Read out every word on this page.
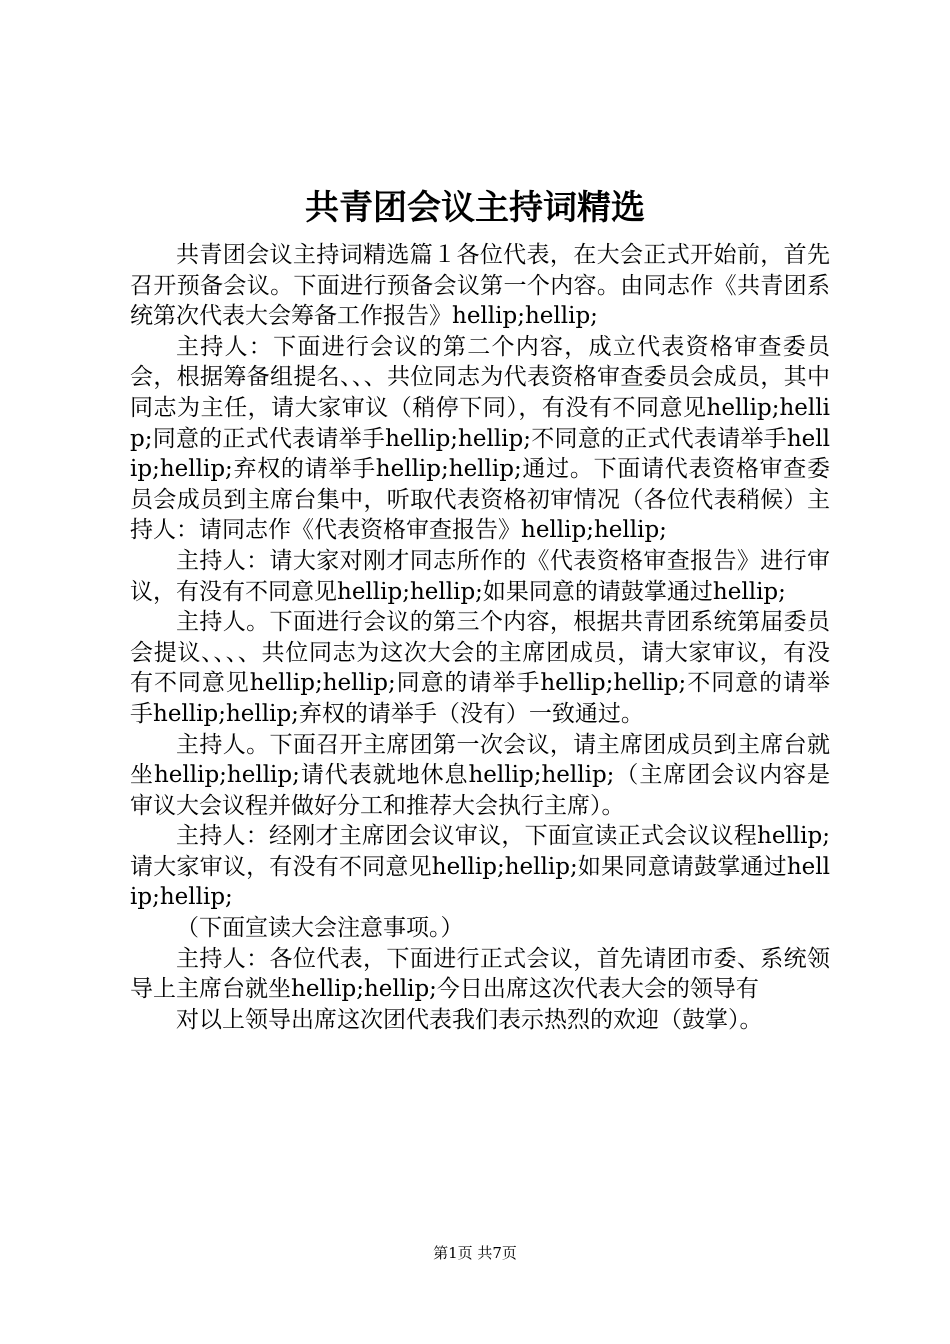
共青团会议主持词精选

共青团会议主持词精选篇１各位代表，在大会正式开始前，首先召开预备会议。下面进行预备会议第一个内容。由同志作《共青团系统第次代表大会筹备工作报告》hellip;hellip;

主持人：下面进行会议的第二个内容，成立代表资格审查委员会，根据筹备组提名、、、共位同志为代表资格审查委员会成员，其中同志为主任，请大家审议（稍停下同），有没有不同意见hellip;hellip;同意的正式代表请举手hellip;hellip;不同意的正式代表请举手hellip;hellip;弃权的请举手hellip;hellip;通过。下面请代表资格审查委员会成员到主席台集中，听取代表资格初审情况（各位代表稍候）主持人：请同志作《代表资格审查报告》hellip;hellip;

主持人：请大家对刚才同志所作的《代表资格审查报告》进行审议，有没有不同意见hellip;hellip;如果同意的请鼓掌通过hellip;

主持人。下面进行会议的第三个内容，根据共青团系统第届委员会提议、、、、共位同志为这次大会的主席团成员，请大家审议，有没有不同意见hellip;hellip;同意的请举手hellip;hellip;不同意的请举手hellip;hellip;弃权的请举手（没有）一致通过。

主持人。下面召开主席团第一次会议，请主席团成员到主席台就坐hellip;hellip;请代表就地休息hellip;hellip;（主席团会议内容是审议大会议程并做好分工和推荐大会执行主席）。

主持人：经刚才主席团会议审议，下面宣读正式会议议程hellip;请大家审议，有没有不同意见hellip;hellip;如果同意请鼓掌通过hellip;hellip;

（下面宣读大会注意事项。）

主持人：各位代表，下面进行正式会议，首先请团市委、系统领导上主席台就坐hellip;hellip;今日出席这次代表大会的领导有

对以上领导出席这次团代表我们表示热烈的欢迎（鼓掌）。

第1页 共7页
